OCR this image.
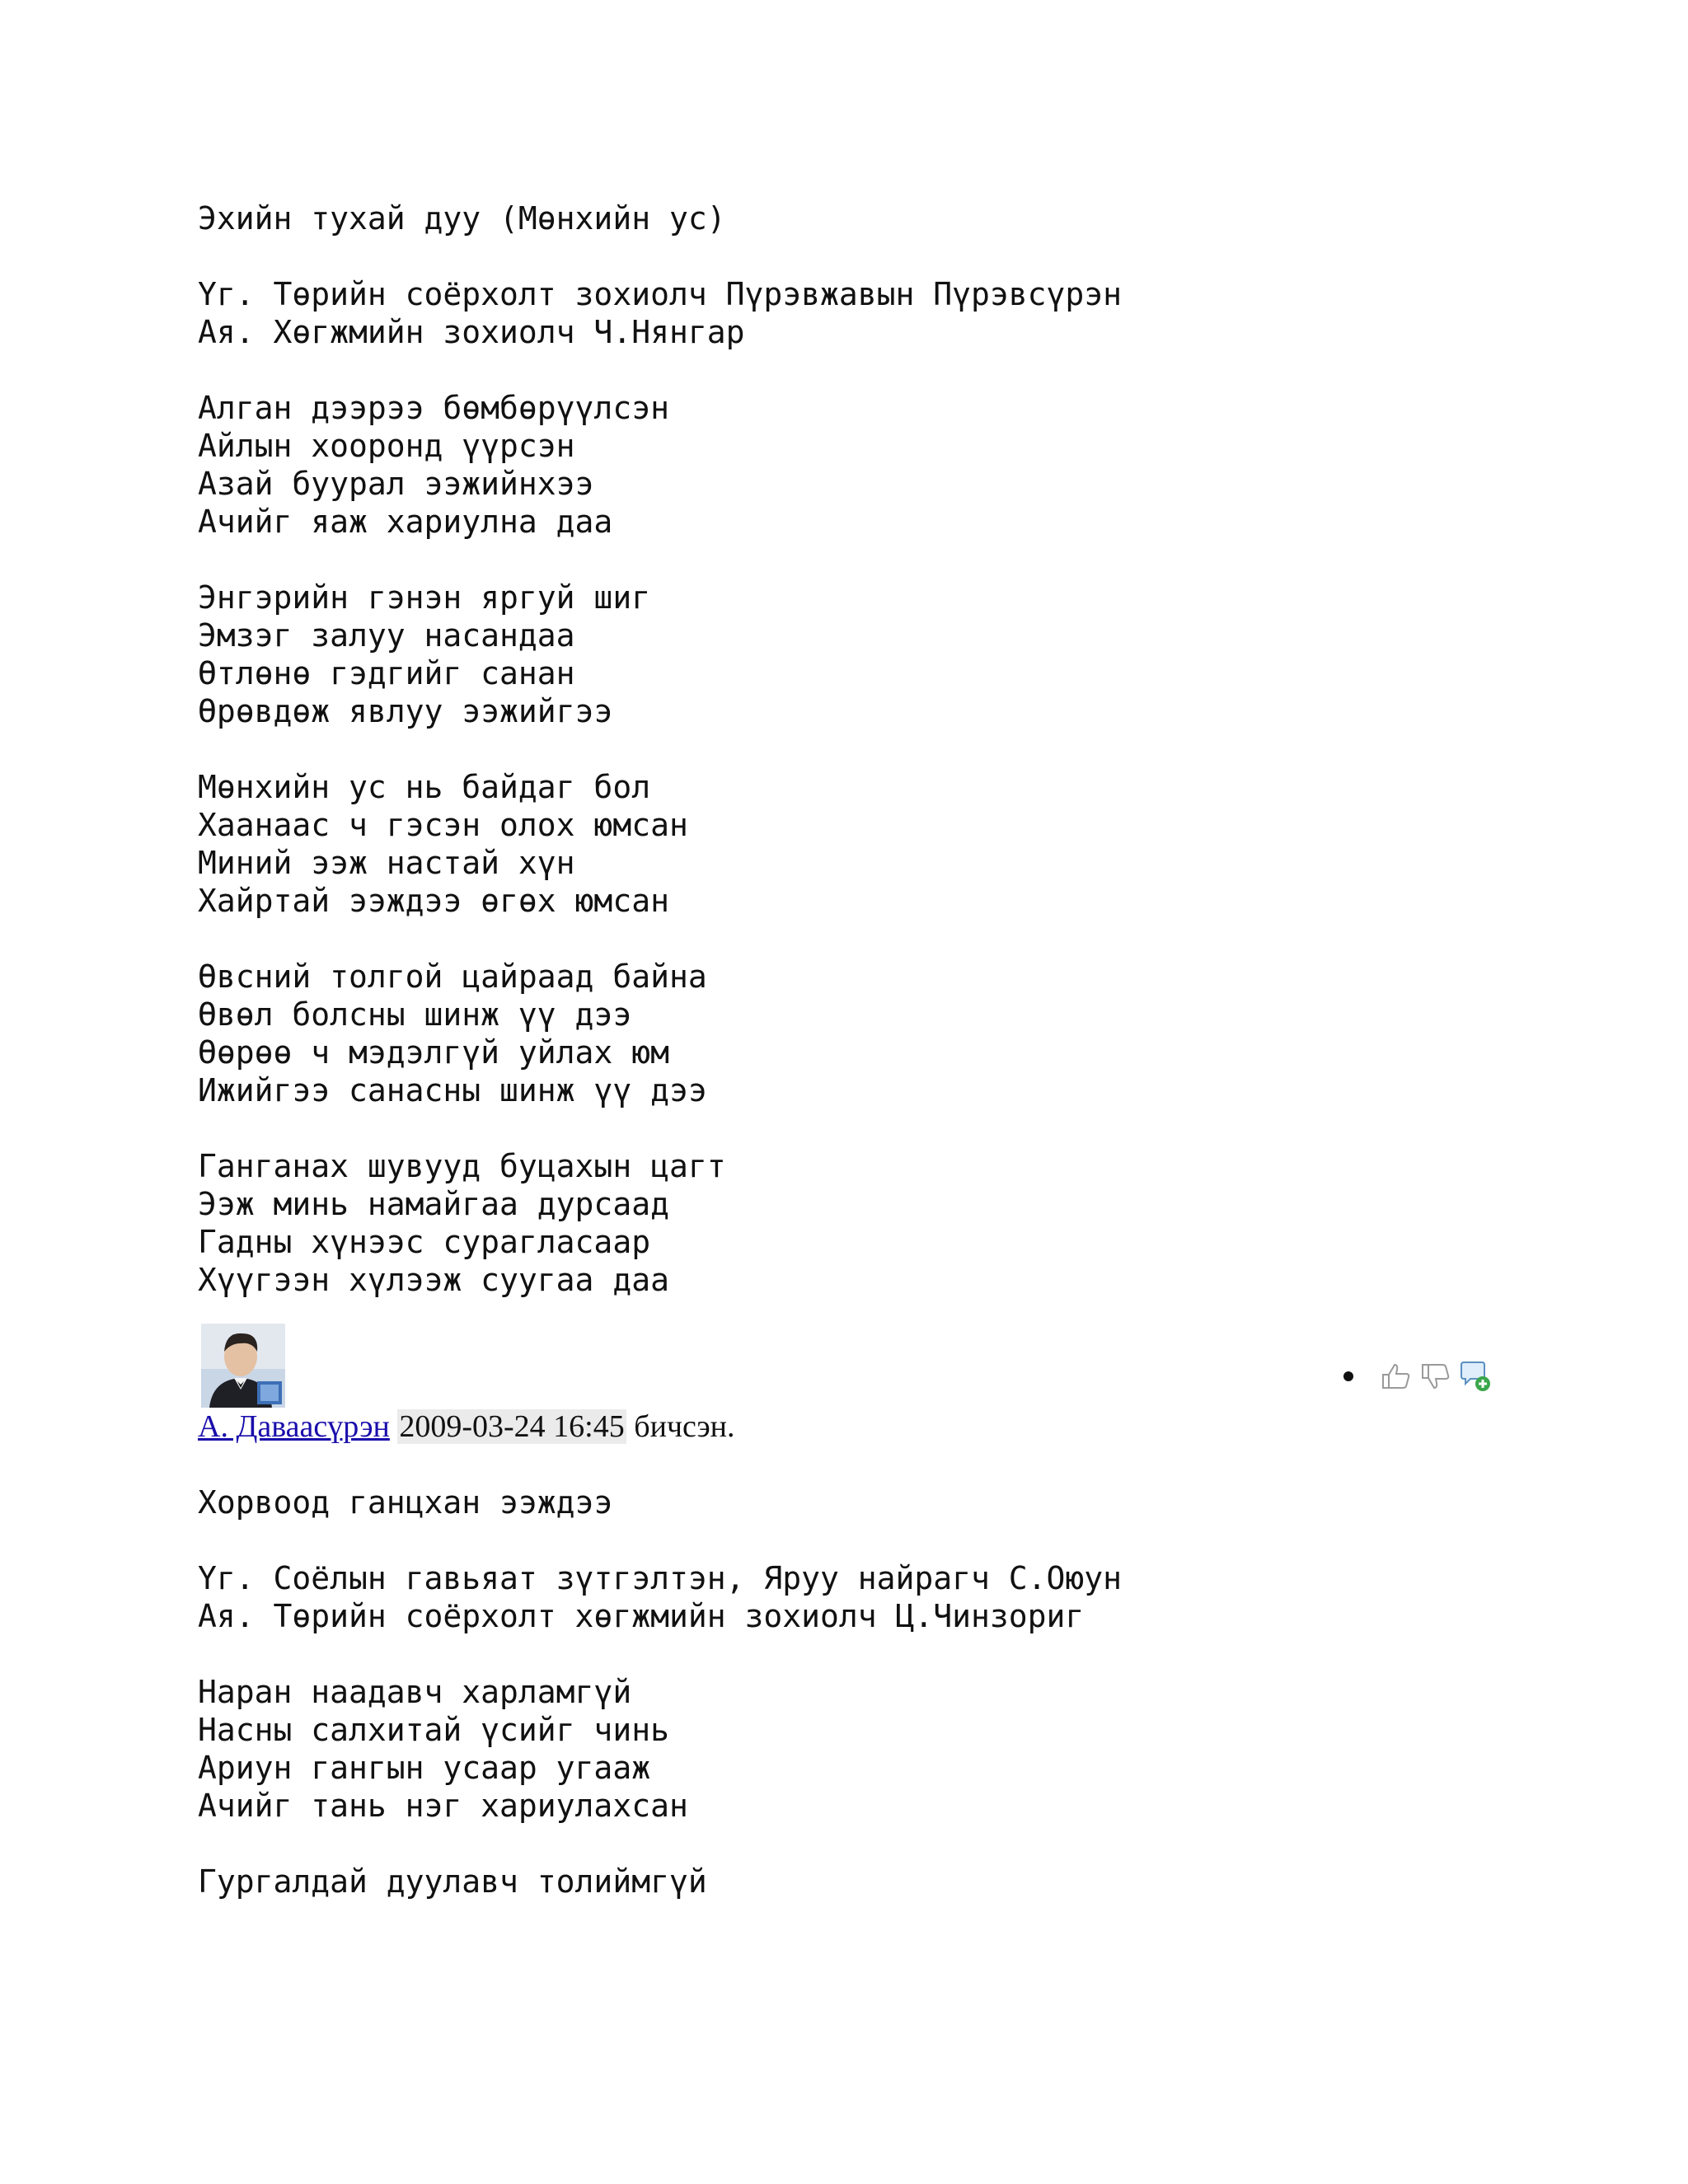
Эхийн тухай дуу (Мөнхийн ус)

Үг. Төрийн соёрхолт зохиолч Пүрэвжавын Пүрэвсүрэн
Ая. Хөгжмийн зохиолч Ч.Нянгар

Алган дээрээ бөмбөрүүлсэн
Айлын хооронд үүрсэн
Азай буурал ээжийнхээ
Ачийг яаж хариулна даа

Энгэрийн гэнэн яргуй шиг
Эмзэг залуу насандаа
Өтлөнө гэдгийг санан
Өрөвдөж явлуу ээжийгээ

Мөнхийн ус нь байдаг бол
Хаанаас ч гэсэн олох юмсан
Миний ээж настай хүн
Хайртай ээждээ өгөх юмсан

Өвсний толгой цайраад байна
Өвөл болсны шинж үү дээ
Өөрөө ч мэдэлгүй уйлах юм
Ижийгээ санасны шинж үү дээ

Ганганах шувууд буцахын цагт
Ээж минь намайгаа дурсаад
Гадны хүнээс сурагласаар
Хүүгээн хүлээж суугаа даа
А. Даваасүрэн 2009-03-24 16:45 бичсэн.
Хорвоод ганцхан ээждээ

Үг. Соёлын гавьяат зүтгэлтэн, Яруу найрагч С.Оюун
Ая. Төрийн соёрхолт хөгжмийн зохиолч Ц.Чинзориг

Наран наадавч харламгүй
Насны салхитай үсийг чинь
Ариун гангын усаар угааж
Ачийг тань нэг хариулахсан

Гургалдай дуулавч толиймгүй
